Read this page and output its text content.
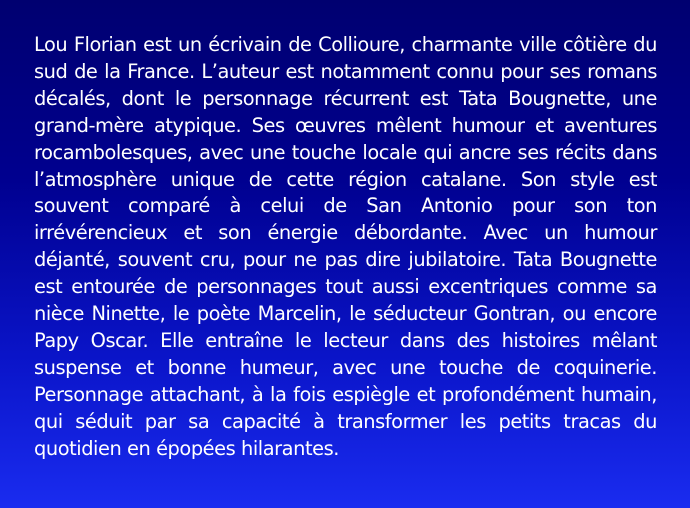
Lou Florian est un écrivain de Collioure, charmante ville côtière du sud de la France. L’auteur est notamment connu pour ses romans décalés, dont le personnage récurrent est Tata Bougnette, une grand-mère atypique. Ses œuvres mêlent humour et aventures rocambolesques, avec une touche locale qui ancre ses récits dans l’atmosphère unique de cette région catalane. Son style est souvent comparé à celui de San Antonio pour son ton irrévérencieux et son énergie débordante. Avec un humour déjanté, souvent cru, pour ne pas dire jubilatoire. Tata Bougnette est entourée de personnages tout aussi excentriques comme sa nièce Ninette, le poète Marcelin, le séducteur Gontran, ou encore Papy Oscar. Elle entraîne le lecteur dans des histoires mêlant suspense et bonne humeur, avec une touche de coquinerie. Personnage attachant, à la fois espiègle et profondément humain, qui séduit par sa capacité à transformer les petits tracas du quotidien en épopées hilarantes.
